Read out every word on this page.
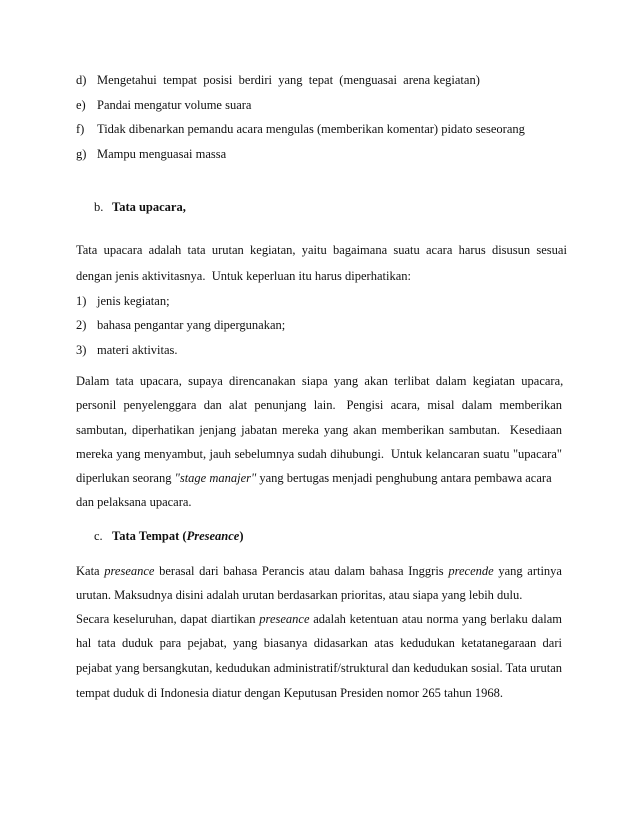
d) Mengetahui  tempat  posisi  berdiri  yang  tepat  (menguasai  arena kegiatan)
e) Pandai mengatur volume suara
f) Tidak dibenarkan pemandu acara mengulas (memberikan komentar) pidato seseorang
g) Mampu menguasai massa
b. Tata upacara,
Tata  upacara  adalah  tata  urutan  kegiatan,  yaitu  bagaimana  suatu  acara  harus  disusun  sesuai
dengan jenis aktivitasnya.  Untuk keperluan itu harus diperhatikan:
1) jenis kegiatan;
2) bahasa pengantar yang dipergunakan;
3) materi aktivitas.
Dalam  tata  upacara,  supaya  direncanakan  siapa  yang  akan  terlibat  dalam  kegiatan  upacara,
personil  penyelenggara  dan  alat  penunjang  lain.   Pengisi  acara,  misal  dalam  memberikan
sambutan, diperhatikan jenjang jabatan mereka yang akan memberikan sambutan.  Kesediaan
mereka yang menyambut, jauh sebelumnya sudah dihubungi.  Untuk kelancaran suatu "upacara"
diperlukan seorang "stage manajer" yang bertugas menjadi penghubung antara pembawa acara
dan pelaksana upacara.
c. Tata Tempat (Preseance)
Kata preseance berasal dari bahasa Perancis atau dalam bahasa Inggris precende yang artinya
urutan. Maksudnya disini adalah urutan berdasarkan prioritas, atau siapa yang lebih dulu.
Secara keseluruhan, dapat diartikan preseance adalah ketentuan atau norma yang berlaku dalam
hal  tata  duduk  para  pejabat,  yang  biasanya  didasarkan  atas  kedudukan  ketatanegaraan  dari
pejabat yang bersangkutan, kedudukan administratif/struktural dan kedudukan sosial. Tata urutan
tempat duduk di Indonesia diatur dengan Keputusan Presiden nomor 265 tahun 1968.
